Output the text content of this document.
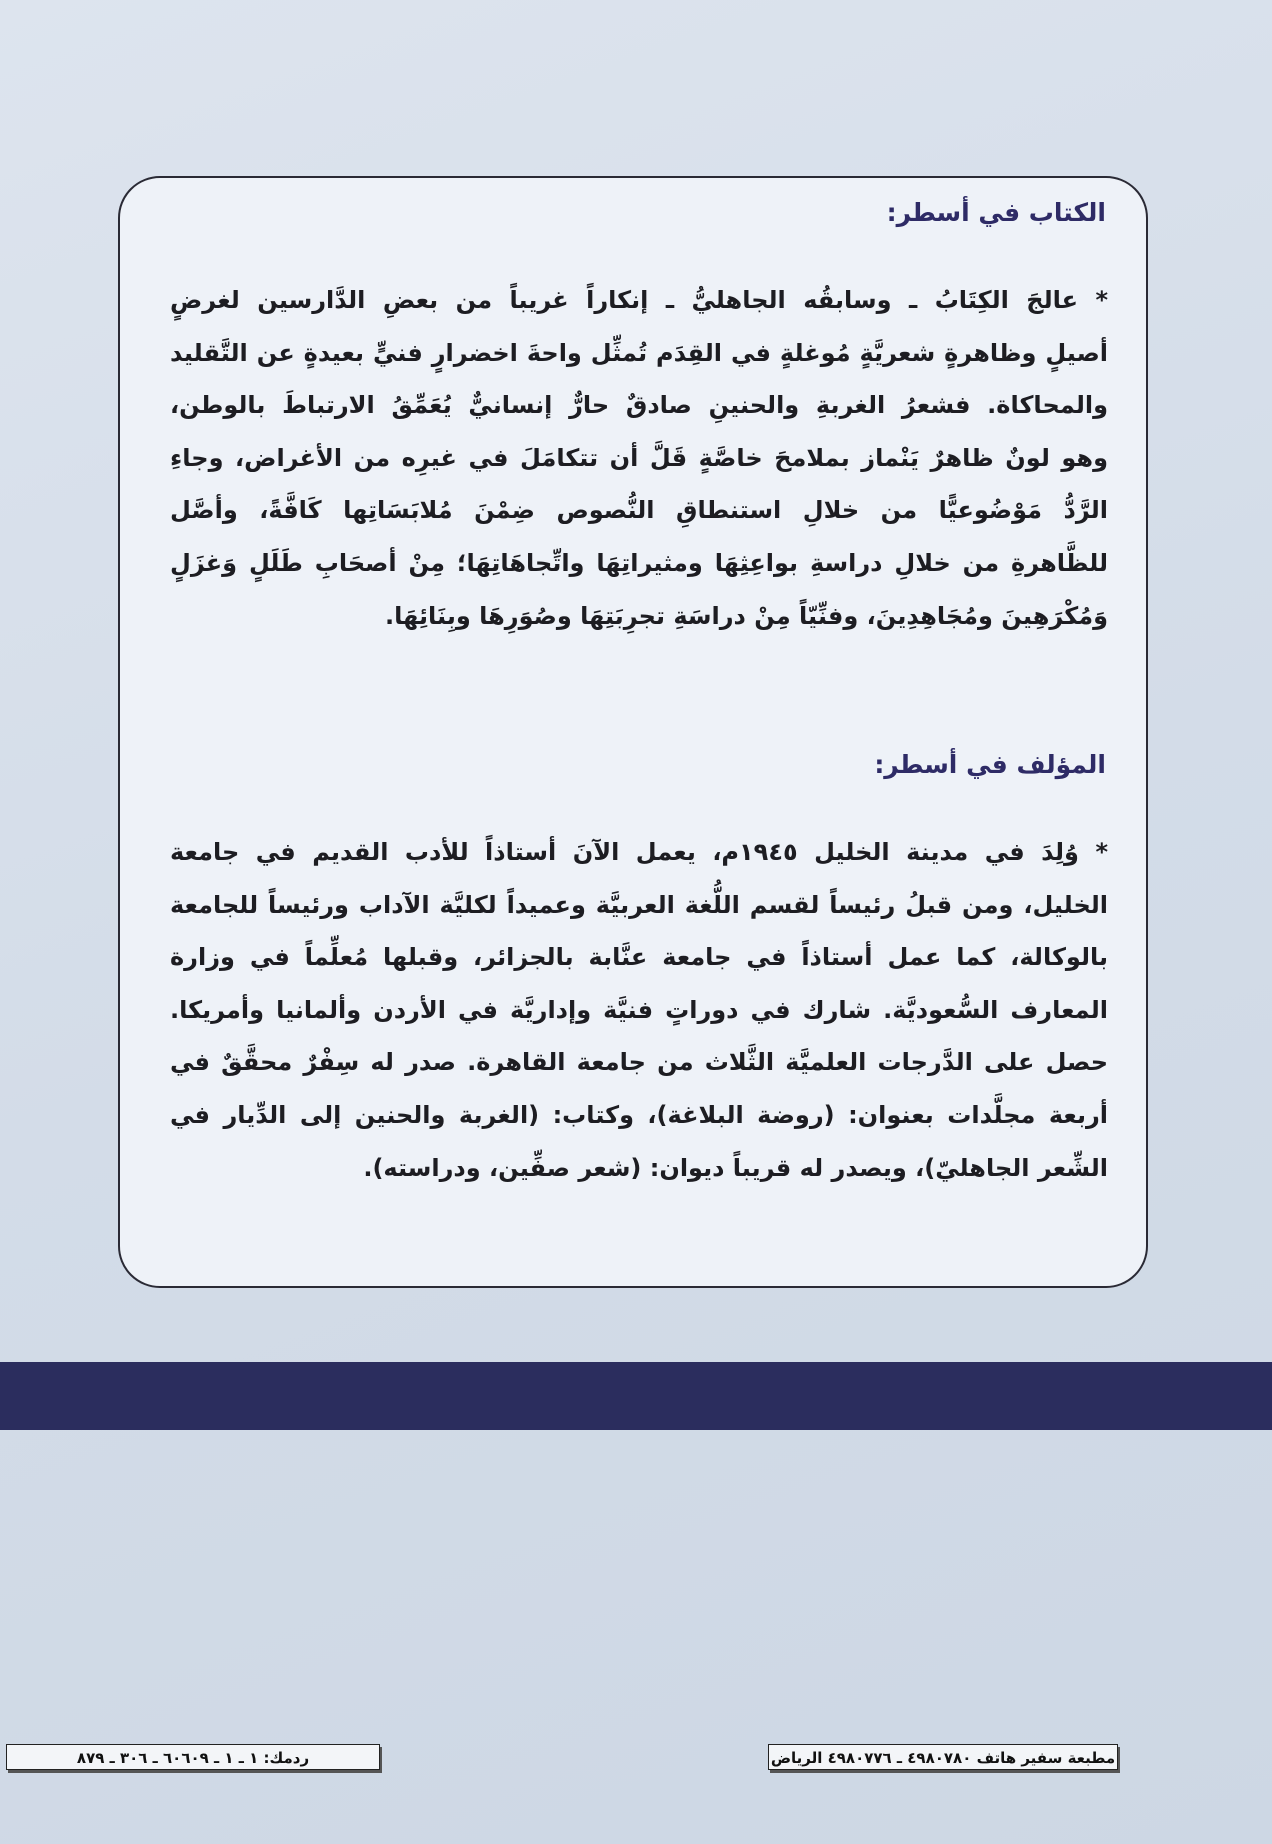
الكتاب في أسطر:
* عالجَ الكِتَابُ ـ وسابقُه الجاهليُّ ـ إنكاراً غريباً من بعضِ الدَّارسين لغرضٍ
أصيلٍ وظاهرةٍ شعريَّةٍ مُوغلةٍ في القِدَم تُمثِّل واحةَ اخضرارٍ فنيٍّ بعيدةٍ عن التَّقليد
والمحاكاة. فشعرُ الغربةِ والحنينِ صادقٌ حارٌّ إنسانيٌّ يُعَمِّقُ الارتباطَ بالوطن،
وهو لونٌ ظاهرٌ يَنْماز بملامحَ خاصَّةٍ قَلَّ أن تتكامَلَ في غيرِه من الأغراض، وجاءِ
الرَّدُّ مَوْضُوعيًّا من خلالِ استنطاقِ النُّصوص ضِمْنَ مُلابَسَاتِها كَافَّةً، وأصَّل
للظَّاهرةِ من خلالِ دراسةِ بواعِثِهَا ومثيراتِهَا واتِّجاهَاتِهَا؛ مِنْ أصحَابِ طَلَلٍ وَغزَلٍ
وَمُكْرَهِينَ ومُجَاهِدِينَ، وفنِّيّاً مِنْ دراسَةِ تجرِبَتِهَا وصُوَرِهَا وبِنَائِهَا.
المؤلف في أسطر:
* وُلِدَ في مدينة الخليل ١٩٤٥م، يعمل الآنَ أستاذاً للأدب القديم في جامعة
الخليل، ومن قبلُ رئيساً لقسم اللُّغة العربيَّة وعميداً لكليَّة الآداب ورئيساً للجامعة
بالوكالة، كما عمل أستاذاً في جامعة عنَّابة بالجزائر، وقبلها مُعلِّماً في وزارة
المعارف السُّعوديَّة. شارك في دوراتٍ فنيَّة وإداريَّة في الأردن وألمانيا وأمريكا.
حصل على الدَّرجات العلميَّة الثَّلاث من جامعة القاهرة. صدر له سِفْرٌ محقَّقٌ في
أربعة مجلَّدات بعنوان: (روضة البلاغة)، وكتاب: (الغربة والحنين إلى الدِّيار في
الشِّعر الجاهليّ)، ويصدر له قريباً ديوان: (شعر صفِّين، ودراسته).
ردمك: ١ ـ ١ ـ ٦٠٦٠٩ ـ ٣٠٦ ـ ٨٧٩	مطبعة سفير هاتف ٤٩٨٠٧٨٠ ـ ٤٩٨٠٧٧٦ الرياض
